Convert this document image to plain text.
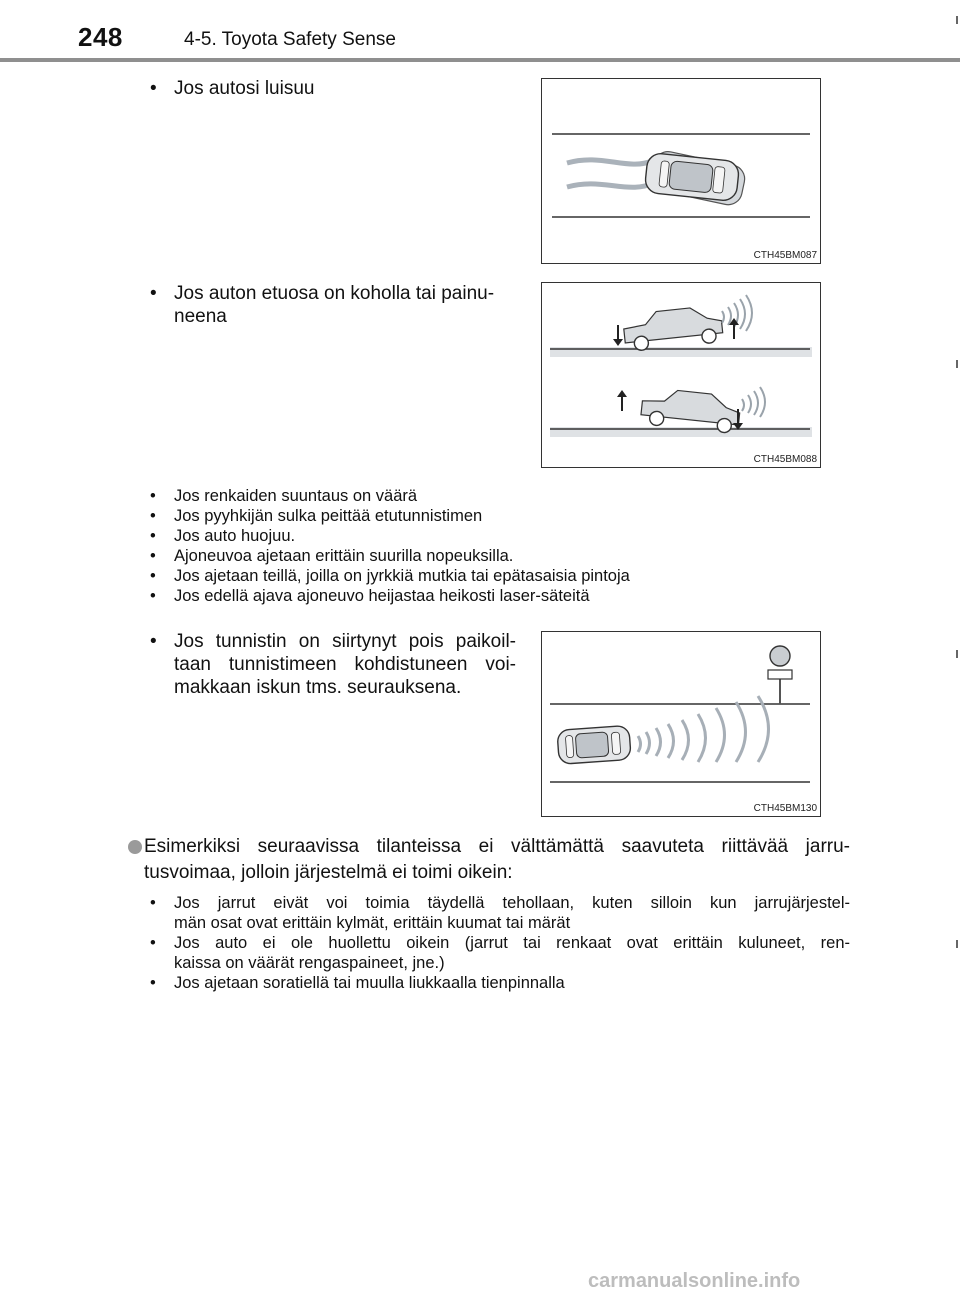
248	4-5. Toyota Safety Sense
• Jos autosi luisuu
CTH45BM087
• Jos auton etuosa on koholla tai painu-
neena
CTH45BM088
•	Jos renkaiden suuntaus on väärä
•	Jos pyyhkijän sulka peittää etutunnistimen
•	Jos auto huojuu.
•	Ajoneuvoa ajetaan erittäin suurilla nopeuksilla.
•	Jos ajetaan teillä, joilla on jyrkkiä mutkia tai epätasaisia pintoja
•	Jos edellä ajava ajoneuvo heijastaa heikosti laser-säteitä
• Jos tunnistin on siirtynyt pois paikoil-
taan tunnistimeen kohdistuneen voi-
makkaan iskun tms. seurauksena.
CTH45BM130
Esimerkiksi seuraavissa tilanteissa ei välttämättä saavuteta riittävää jarru-
tusvoimaa, jolloin järjestelmä ei toimi oikein:
•	Jos jarrut eivät voi toimia täydellä tehollaan, kuten silloin kun jarrujärjestel-
män osat ovat erittäin kylmät, erittäin kuumat tai märät
•	Jos auto ei ole huollettu oikein (jarrut tai renkaat ovat erittäin kuluneet, ren-
kaissa on väärät rengaspaineet, jne.)
•	Jos ajetaan soratiellä tai muulla liukkaalla tienpinnalla
carmanualsonline.info
